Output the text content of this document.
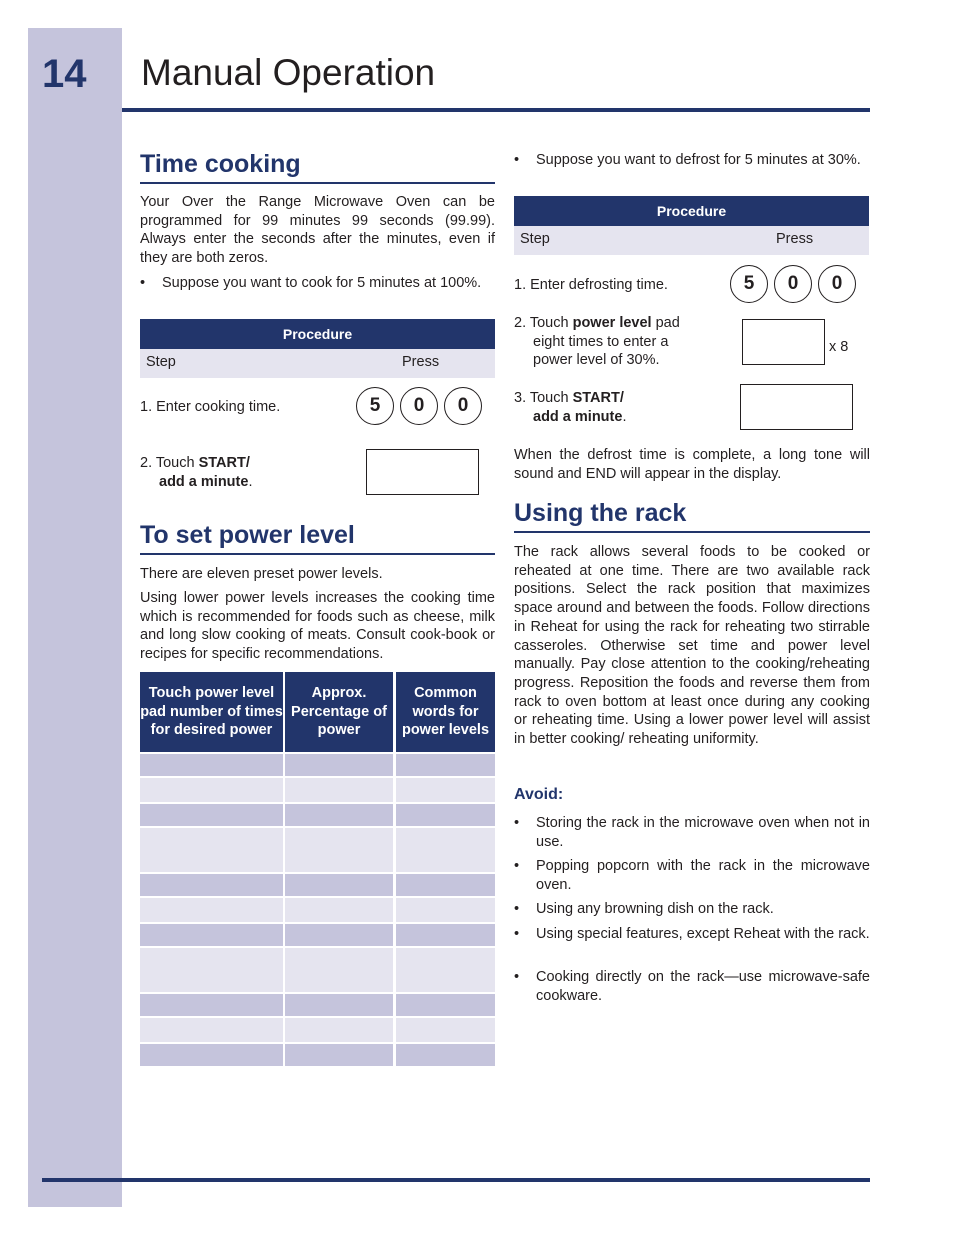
14 Manual Operation
Time cooking
Your Over the Range Microwave Oven can be programmed for 99 minutes 99 seconds (99.99). Always enter the seconds after the minutes, even if they are both zeros.
• Suppose you want to cook for 5 minutes at 100%.
Procedure
Step	Press
1. Enter cooking time.	5	0	0
2. Touch START/
add a minute.
To set power level
There are eleven preset power levels.
Using lower power levels increases the cooking time which is recommended for foods such as cheese, milk and long slow cooking of meats. Consult cook-book or recipes for specific recommendations.
Touch power level pad number of times for desired power
Approx. Percentage of power
Common words for power levels
• Suppose you want to defrost for 5 minutes at 30%.
Procedure
Step	Press
1. Enter defrosting time.	5	0	0
2. Touch power level pad
eight times to enter a
power level of 30%.
x 8
3. Touch START/
add a minute.
When the defrost time is complete, a long tone will sound and END will appear in the display.
Using the rack
The rack allows several foods to be cooked or reheated at one time. There are two available rack positions. Select the rack position that maximizes space around and between the foods. Follow directions in Reheat for using the rack for reheating two stirrable casseroles. Otherwise set time and power level manually. Pay close attention to the cooking/reheating progress. Reposition the foods and reverse them from rack to oven bottom at least once during any cooking or reheating time. Using a lower power level will assist in better cooking/ reheating uniformity.
Avoid:
• Storing the rack in the microwave oven when not in use.
• Popping popcorn with the rack in the microwave oven.
• Using any browning dish on the rack.
• Using special features, except Reheat with the rack.
• Cooking directly on the rack—use microwave-safe cookware.
